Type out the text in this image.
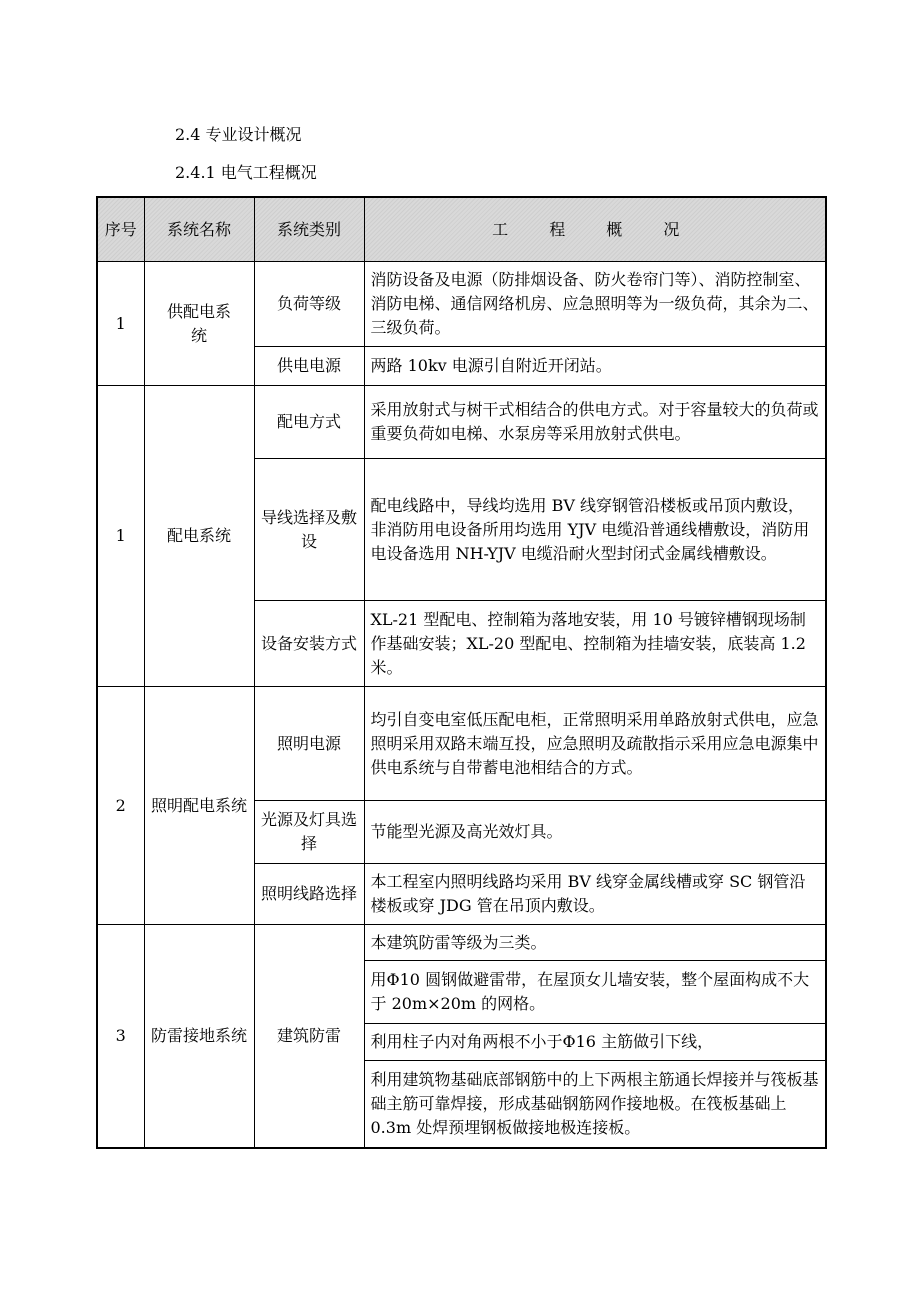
2.4 专业设计概况
2.4.1 电气工程概况
序号	系统名称	系统类别	工 程 概 况
1	供配电系统	负荷等级	消防设备及电源（防排烟设备、防火卷帘门等）、消防控制室、消防电梯、通信网络机房、应急照明等为一级负荷，其余为二、三级负荷。
		供电电源	两路 10kv 电源引自附近开闭站。
1	配电系统	配电方式	采用放射式与树干式相结合的供电方式。对于容量较大的负荷或重要负荷如电梯、水泵房等采用放射式供电。
		导线选择及敷设	配电线路中，导线均选用 BV 线穿钢管沿楼板或吊顶内敷设，非消防用电设备所用均选用 YJV 电缆沿普通线槽敷设，消防用电设备选用 NH-YJV 电缆沿耐火型封闭式金属线槽敷设。
		设备安装方式	XL-21 型配电、控制箱为落地安装，用 10 号镀锌槽钢现场制作基础安装；XL-20 型配电、控制箱为挂墙安装，底装高 1.2 米。
2	照明配电系统	照明电源	均引自变电室低压配电柜，正常照明采用单路放射式供电，应急照明采用双路末端互投，应急照明及疏散指示采用应急电源集中供电系统与自带蓄电池相结合的方式。
		光源及灯具选择	节能型光源及高光效灯具。
		照明线路选择	本工程室内照明线路均采用 BV 线穿金属线槽或穿 SC 钢管沿楼板或穿 JDG 管在吊顶内敷设。
3	防雷接地系统	建筑防雷	本建筑防雷等级为三类。
			用Φ10 圆钢做避雷带，在屋顶女儿墙安装，整个屋面构成不大于 20m×20m 的网格。
			利用柱子内对角两根不小于Φ16 主筋做引下线，
			利用建筑物基础底部钢筋中的上下两根主筋通长焊接并与筏板基础主筋可靠焊接，形成基础钢筋网作接地极。在筏板基础上 0.3m 处焊预埋钢板做接地极连接板。
